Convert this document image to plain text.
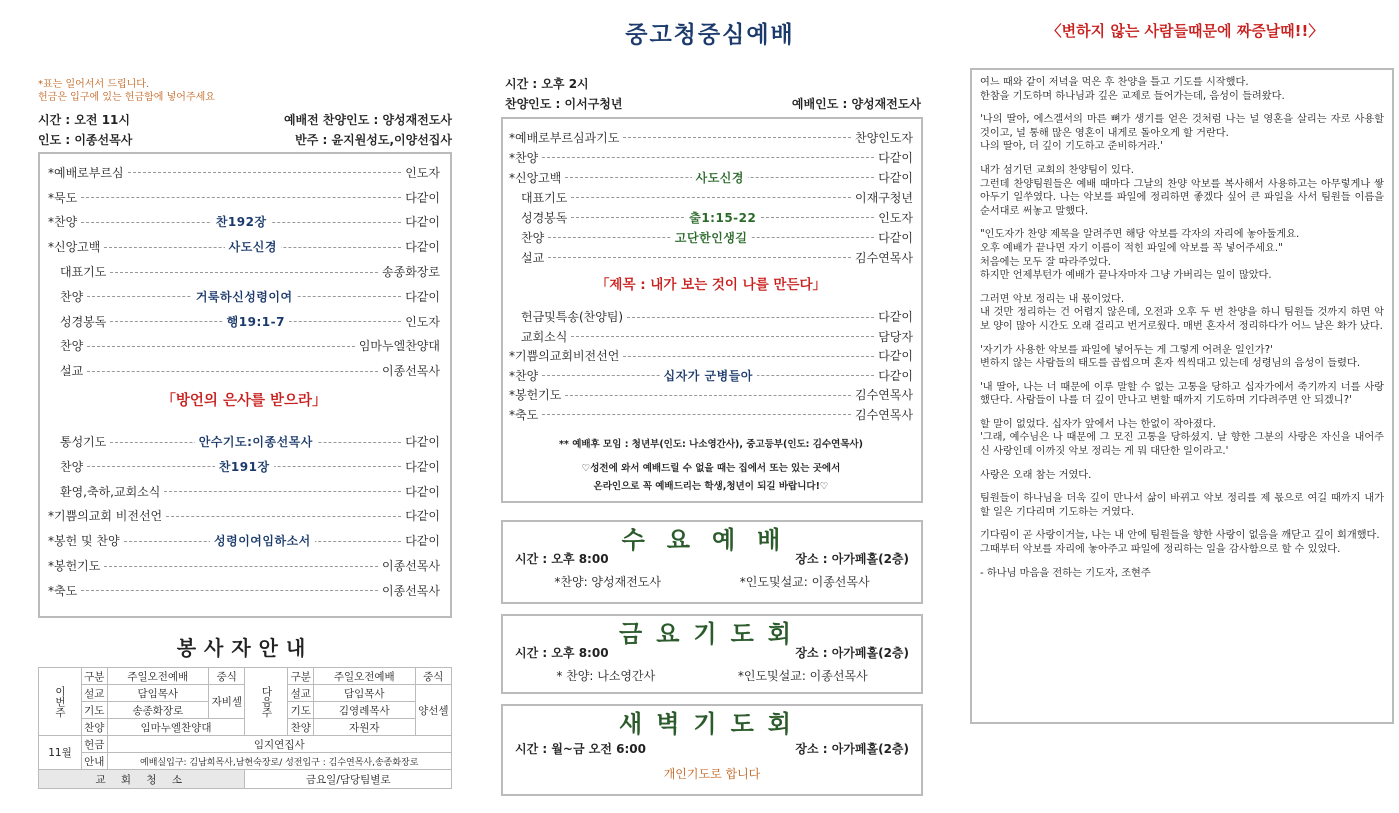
중고청중심예배	〈변하지 않는 사람들때문에 짜증날때!!〉
*표는 일어서서 드립니다.
헌금은 입구에 있는 헌금함에 넣어주세요
시간 : 오전 11시	예배전 찬양인도 : 양성재전도사
인도 : 이종선목사	반주 : 윤지원성도,이양선집사
*예배로부르심	인도자
*묵도	다같이
*찬양	찬192장	다같이
*신앙고백	사도신경	다같이
대표기도	송종화장로
찬양	거룩하신성령이여	다같이
성경봉독	행19:1-7	인도자
찬양	임마누엘찬양대
설교	이종선목사
「방언의 은사를 받으라」
통성기도	안수기도:이종선목사	다같이
찬양	찬191장	다같이
환영,축하,교회소식	다같이
*기쁨의교회 비전선언	다같이
*봉헌 및 찬양	성령이여임하소서	다같이
*봉헌기도	이종선목사
*축도	이종선목사
봉사자안내
이번주	구분	주일오전예배	중식	다음주	구분	주일오전예배	중식
	설교	담임목사	자비셀		설교	담임목사	양선셀
	기도	송종화장로			기도	김영례목사	
	찬양	임마누엘찬양대			찬양	자원자	
11월	헌금	임지연집사					
	안내	예배실입구: 김남희목사,남현숙장로/ 성전입구 : 김수연목사,송종화장로					
교 회 청 소				금요일/담당팀별로			
시간 : 오후 2시
찬양인도 : 이서구청년	예배인도 : 양성재전도사
*예배로부르심과기도	찬양인도자
*찬양	다같이
*신앙고백	사도신경	다같이
대표기도	이재구청년
성경봉독	출1:15-22	인도자
찬양	고단한인생길	다같이
설교	김수연목사
「제목 : 내가 보는 것이 나를 만든다」
헌금및특송(찬양팀)	다같이
교회소식	담당자
*기쁨의교회비전선언	다같이
*찬양	십자가 군병들아	다같이
*봉헌기도	김수연목사
*축도	김수연목사
** 예배후 모임 : 청년부(인도: 나소영간사), 중고등부(인도: 김수연목사)
♡성전에 와서 예배드릴 수 없을 때는 집에서 또는 있는 곳에서
온라인으로 꼭 예배드리는 학생,청년이 되길 바랍니다!♡
수요예배
시간 : 오후 8:00	장소 : 아가페홀(2층)
*찬양: 양성재전도사	*인도및설교: 이종선목사
금요기도회
시간 : 오후 8:00	장소 : 아가페홀(2층)
* 찬양: 나소영간사	*인도및설교: 이종선목사
새벽기도회
시간 : 월~금 오전 6:00	장소 : 아가페홀(2층)
개인기도로 합니다

여느 때와 같이 저녁을 먹은 후 찬양을 틀고 기도를 시작했다.
한참을 기도하며 하나님과 깊은 교제로 들어가는데, 음성이 들려왔다.

'나의 딸아, 에스겔서의 마른 뼈가 생기를 얻은 것처럼 나는 널 영혼을 살리는 자로 사용할 것이고, 널 통해 많은 영혼이 내게로 돌아오게 할 거란다.
나의 딸아, 더 깊이 기도하고 준비하거라.'

내가 섬기던 교회의 찬양팀이 있다.
그런데 찬양팀원들은 예배 때마다 그날의 찬양 악보를 복사해서 사용하고는 아무렇게나 쌓아두기 일쑤였다. 나는 악보를 파일에 정리하면 좋겠다 싶어 큰 파일을 사서 팀원들 이름을 순서대로 써놓고 말했다.

"인도자가 찬양 제목을 알려주면 해당 악보를 각자의 자리에 놓아둘게요.
오후 예배가 끝나면 자기 이름이 적힌 파일에 악보를 꼭 넣어주세요."
처음에는 모두 잘 따라주었다.
하지만 언제부턴가 예배가 끝나자마자 그냥 가버리는 일이 많았다.

그러면 악보 정리는 내 몫이었다.
내 것만 정리하는 건 어렵지 않은데, 오전과 오후 두 번 찬양을 하니 팀원들 것까지 하면 악보 양이 많아 시간도 오래 걸리고 번거로웠다. 매번 혼자서 정리하다가 어느 날은 화가 났다.

'자기가 사용한 악보를 파일에 넣어두는 게 그렇게 어려운 일인가?'
변하지 않는 사람들의 태도를 곱씹으며 혼자 씩씩대고 있는데 성령님의 음성이 들렸다.

'내 딸아, 나는 너 때문에 이루 말할 수 없는 고통을 당하고 십자가에서 죽기까지 너를 사랑했단다. 사람들이 나를 더 깊이 만나고 변할 때까지 기도하며 기다려주면 안 되겠니?'

할 말이 없었다. 십자가 앞에서 나는 한없이 작아졌다.
'그래, 예수님은 나 때문에 그 모진 고통을 당하셨지. 날 향한 그분의 사랑은 자신을 내어주신 사랑인데 이까짓 악보 정리는 게 뭐 대단한 일이라고.'

사랑은 오래 참는 거였다.

팀원들이 하나님을 더욱 깊이 만나서 삶이 바뀌고 악보 정리를 제 몫으로 여길 때까지 내가 할 일은 기다리며 기도하는 거였다.

기다림이 곧 사랑이거늘, 나는 내 안에 팀원들을 향한 사랑이 없음을 깨닫고 깊이 회개했다.
그때부터 악보를 자리에 놓아주고 파일에 정리하는 일을 감사함으로 할 수 있었다.

- 하나님 마음을 전하는 기도자, 조현주
